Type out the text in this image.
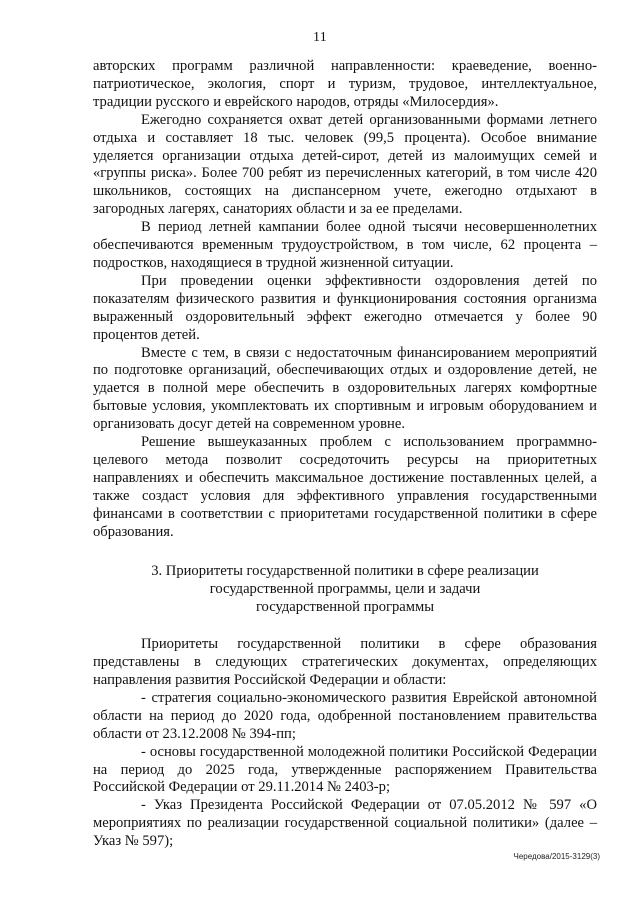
11

авторских программ различной направленности: краеведение, военно-патриотическое, экология, спорт и туризм, трудовое, интеллектуальное, традиции русского и еврейского народов, отряды «Милосердия».

Ежегодно сохраняется охват детей организованными формами летнего отдыха и составляет 18 тыс. человек (99,5 процента). Особое внимание уделяется организации отдыха детей-сирот, детей из малоимущих семей и «группы риска». Более 700 ребят из перечисленных категорий, в том числе 420 школьников, состоящих на диспансерном учете, ежегодно отдыхают в загородных лагерях, санаториях области и за ее пределами.

В период летней кампании более одной тысячи несовершеннолетних обеспечиваются временным трудоустройством, в том числе, 62 процента – подростков, находящиеся в трудной жизненной ситуации.

При проведении оценки эффективности оздоровления детей по показателям физического развития и функционирования состояния организма выраженный оздоровительный эффект ежегодно отмечается у более 90 процентов детей.

Вместе с тем, в связи с недостаточным финансированием мероприятий по подготовке организаций, обеспечивающих отдых и оздоровление детей, не удается в полной мере обеспечить в оздоровительных лагерях комфортные бытовые условия, укомплектовать их спортивным и игровым оборудованием и организовать досуг детей на современном уровне.

Решение вышеуказанных проблем с использованием программно-целевого метода позволит сосредоточить ресурсы на приоритетных направлениях и обеспечить максимальное достижение поставленных целей, а также создаст условия для эффективного управления государственными финансами в соответствии с приоритетами государственной политики в сфере образования.

3. Приоритеты государственной политики в сфере реализации
государственной программы, цели и задачи
государственной программы

Приоритеты государственной политики в сфере образования представлены в следующих стратегических документах, определяющих направления развития Российской Федерации и области:

- стратегия социально-экономического развития Еврейской автономной области на период до 2020 года, одобренной постановлением правительства области от 23.12.2008 № 394-пп;

- основы государственной молодежной политики Российской Федерации на период до 2025 года, утвержденные распоряжением Правительства Российской Федерации от 29.11.2014 № 2403-р;

- Указ Президента Российской Федерации от 07.05.2012 № 597 «О мероприятиях по реализации государственной социальной политики» (далее – Указ № 597);

Чередова/2015-3129(3)
